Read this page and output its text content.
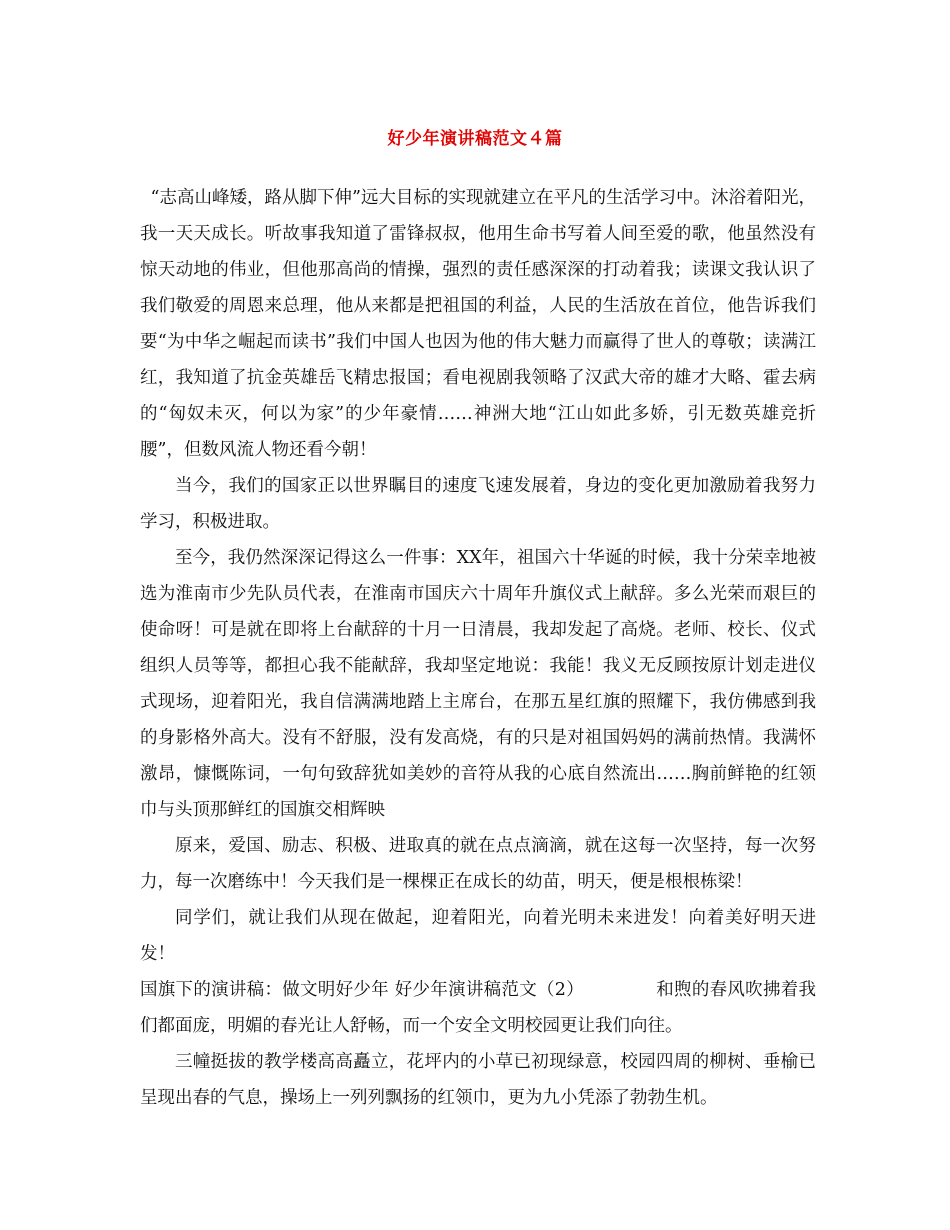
好少年演讲稿范文４篇

“志高山峰矮，路从脚下伸”远大目标的实现就建立在平凡的生活学习中。沐浴着阳光，我一天天成长。听故事我知道了雷锋叔叔，他用生命书写着人间至爱的歌，他虽然没有惊天动地的伟业，但他那高尚的情操，强烈的责任感深深的打动着我；读课文我认识了我们敬爱的周恩来总理，他从来都是把祖国的利益，人民的生活放在首位，他告诉我们要“为中华之崛起而读书”我们中国人也因为他的伟大魅力而赢得了世人的尊敬；读满江红，我知道了抗金英雄岳飞精忠报国；看电视剧我领略了汉武大帝的雄才大略、霍去病的“匈奴未灭，何以为家”的少年豪情……神洲大地“江山如此多娇，引无数英雄竞折腰”，但数风流人物还看今朝！

当今，我们的国家正以世界瞩目的速度飞速发展着，身边的变化更加激励着我努力学习，积极进取。

至今，我仍然深深记得这么一件事：XX年，祖国六十华诞的时候，我十分荣幸地被选为淮南市少先队员代表，在淮南市国庆六十周年升旗仪式上献辞。多么光荣而艰巨的使命呀！可是就在即将上台献辞的十月一日清晨，我却发起了高烧。老师、校长、仪式组织人员等等，都担心我不能献辞，我却坚定地说：我能！我义无反顾按原计划走进仪式现场，迎着阳光，我自信满满地踏上主席台，在那五星红旗的照耀下，我仿佛感到我的身影格外高大。没有不舒服，没有发高烧，有的只是对祖国妈妈的满前热情。我满怀激昂，慷慨陈词，一句句致辞犹如美妙的音符从我的心底自然流出……胸前鲜艳的红领巾与头顶那鲜红的国旗交相辉映

原来，爱国、励志、积极、进取真的就在点点滴滴，就在这每一次坚持，每一次努力，每一次磨练中！今天我们是一棵棵正在成长的幼苗，明天，便是根根栋梁！

同学们，就让我们从现在做起，迎着阳光，向着光明未来进发！向着美好明天进发！

国旗下的演讲稿：做文明好少年 好少年演讲稿范文（2）	和煦的春风吹拂着我们都面庞，明媚的春光让人舒畅，而一个安全文明校园更让我们向往。

三幢挺拔的教学楼高高矗立，花坪内的小草已初现绿意，校园四周的柳树、垂榆已呈现出春的气息，操场上一列列飘扬的红领巾，更为九小凭添了勃勃生机。
